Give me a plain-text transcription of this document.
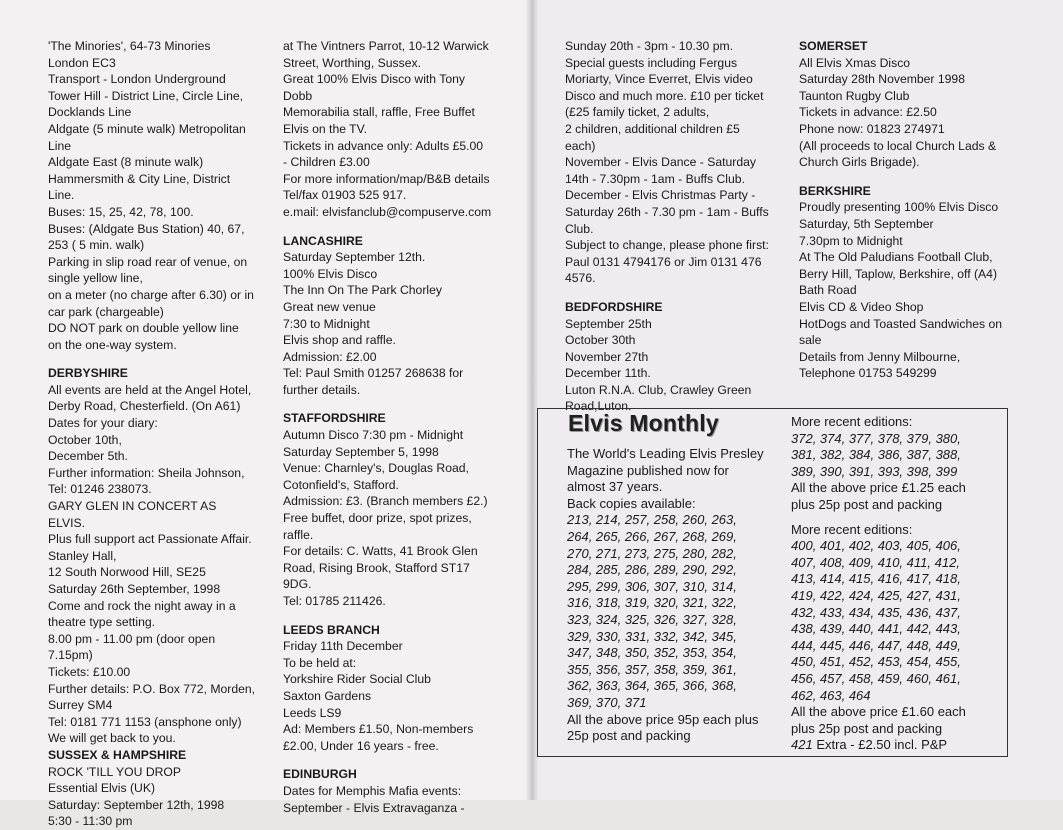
'The Minories', 64-73 Minories

London EC3

Transport - London Underground

Tower Hill - District Line, Circle Line,

Docklands Line

Aldgate (5 minute walk) Metropolitan

Line

Aldgate East (8 minute walk)

Hammersmith & City Line, District

Line.

Buses: 15, 25, 42, 78, 100.

Buses: (Aldgate Bus Station) 40, 67,

253 ( 5 min. walk)

Parking in slip road rear of venue, on

single yellow line,

on a meter (no charge after 6.30) or in

car park (chargeable)

DO NOT park on double yellow line

on the one-way system.

DERBYSHIRE

All events are held at the Angel Hotel,

Derby Road, Chesterfield. (On A61)

Dates for your diary:

October 10th,

December 5th.

Further information: Sheila Johnson,

Tel: 01246 238073.

GARY GLEN IN CONCERT AS

ELVIS.

Plus full support act Passionate Affair.

Stanley Hall,

12 South Norwood Hill, SE25

Saturday 26th September, 1998

Come and rock the night away in a

theatre type setting.

8.00 pm - 11.00 pm (door open

7.15pm)

Tickets: £10.00

Further details: P.O. Box 772, Morden,

Surrey SM4

Tel: 0181 771 1153 (ansphone only)

We will get back to you.

SUSSEX & HAMPSHIRE

ROCK 'TILL YOU DROP

Essential Elvis (UK)

Saturday: September 12th, 1998

5:30 - 11:30 pm

at The Vintners Parrot, 10-12 Warwick

Street, Worthing, Sussex.

Great 100% Elvis Disco with Tony

Dobb

Memorabilia stall, raffle, Free Buffet

Elvis on the TV.

Tickets in advance only: Adults £5.00

- Children £3.00

For more information/map/B&B details

Tel/fax 01903 525 917.

e.mail: elvisfanclub@compuserve.com

LANCASHIRE

Saturday September 12th.

100% Elvis Disco

The Inn On The Park Chorley

Great new venue

7:30 to Midnight

Elvis shop and raffle.

Admission: £2.00

Tel: Paul Smith 01257 268638 for

further details.

STAFFORDSHIRE

Autumn Disco 7:30 pm - Midnight

Saturday September 5, 1998

Venue: Charnley's, Douglas Road,

Cotonfield's, Stafford.

Admission: £3. (Branch members £2.)

Free buffet, door prize, spot prizes,

raffle.

For details: C. Watts, 41 Brook Glen

Road, Rising Brook, Stafford ST17

9DG.

Tel: 01785 211426.

LEEDS BRANCH

Friday 11th December

To be held at:

Yorkshire Rider Social Club

Saxton Gardens

Leeds LS9

Ad: Members £1.50, Non-members

£2.00, Under 16 years - free.

EDINBURGH

Dates for Memphis Mafia events:

September - Elvis Extravaganza -

Sunday 20th - 3pm - 10.30 pm.

Special guests including Fergus

Moriarty, Vince Everret, Elvis video

Disco and much more. £10 per ticket

(£25 family ticket, 2 adults,

2 children, additional children £5

each)

November - Elvis Dance - Saturday

14th - 7.30pm - 1am - Buffs Club.

December - Elvis Christmas Party -

Saturday 26th - 7.30 pm - 1am - Buffs

Club.

Subject to change, please phone first:

Paul 0131 4794176 or Jim 0131 476

4576.

BEDFORDSHIRE

September 25th

October 30th

November 27th

December 11th.

Luton R.N.A. Club, Crawley Green

Road,Luton.

SOMERSET

All Elvis Xmas Disco

Saturday 28th November 1998

Taunton Rugby Club

Tickets in advance: £2.50

Phone now: 01823 274971

(All proceeds to local Church Lads &

Church Girls Brigade).

BERKSHIRE

Proudly presenting 100% Elvis Disco

Saturday, 5th September

7.30pm to Midnight

At The Old Paludians Football Club,

Berry Hill, Taplow, Berkshire, off (A4)

Bath Road

Elvis CD & Video Shop

HotDogs and Toasted Sandwiches on

sale

Details from Jenny Milbourne,

Telephone 01753 549299

Elvis Monthly

The World's Leading Elvis Presley

Magazine published now for

almost 37 years.

Back copies available:

213, 214, 257, 258, 260, 263,

264, 265, 266, 267, 268, 269,

270, 271, 273, 275, 280, 282,

284, 285, 286, 289, 290, 292,

295, 299, 306, 307, 310, 314,

316, 318, 319, 320, 321, 322,

323, 324, 325, 326, 327, 328,

329, 330, 331, 332, 342, 345,

347, 348, 350, 352, 353, 354,

355, 356, 357, 358, 359, 361,

362, 363, 364, 365, 366, 368,

369, 370, 371

All the above price 95p each plus

25p post and packing

More recent editions:

372, 374, 377, 378, 379, 380,

381, 382, 384, 386, 387, 388,

389, 390, 391, 393, 398, 399

All the above price £1.25 each

plus 25p post and packing

More recent editions:

400, 401, 402, 403, 405, 406,

407, 408, 409, 410, 411, 412,

413, 414, 415, 416, 417, 418,

419, 422, 424, 425, 427, 431,

432, 433, 434, 435, 436, 437,

438, 439, 440, 441, 442, 443,

444, 445, 446, 447, 448, 449,

450, 451, 452, 453, 454, 455,

456, 457, 458, 459, 460, 461,

462, 463, 464

All the above price £1.60 each

plus 25p post and packing

421 Extra - £2.50 incl. P&P
